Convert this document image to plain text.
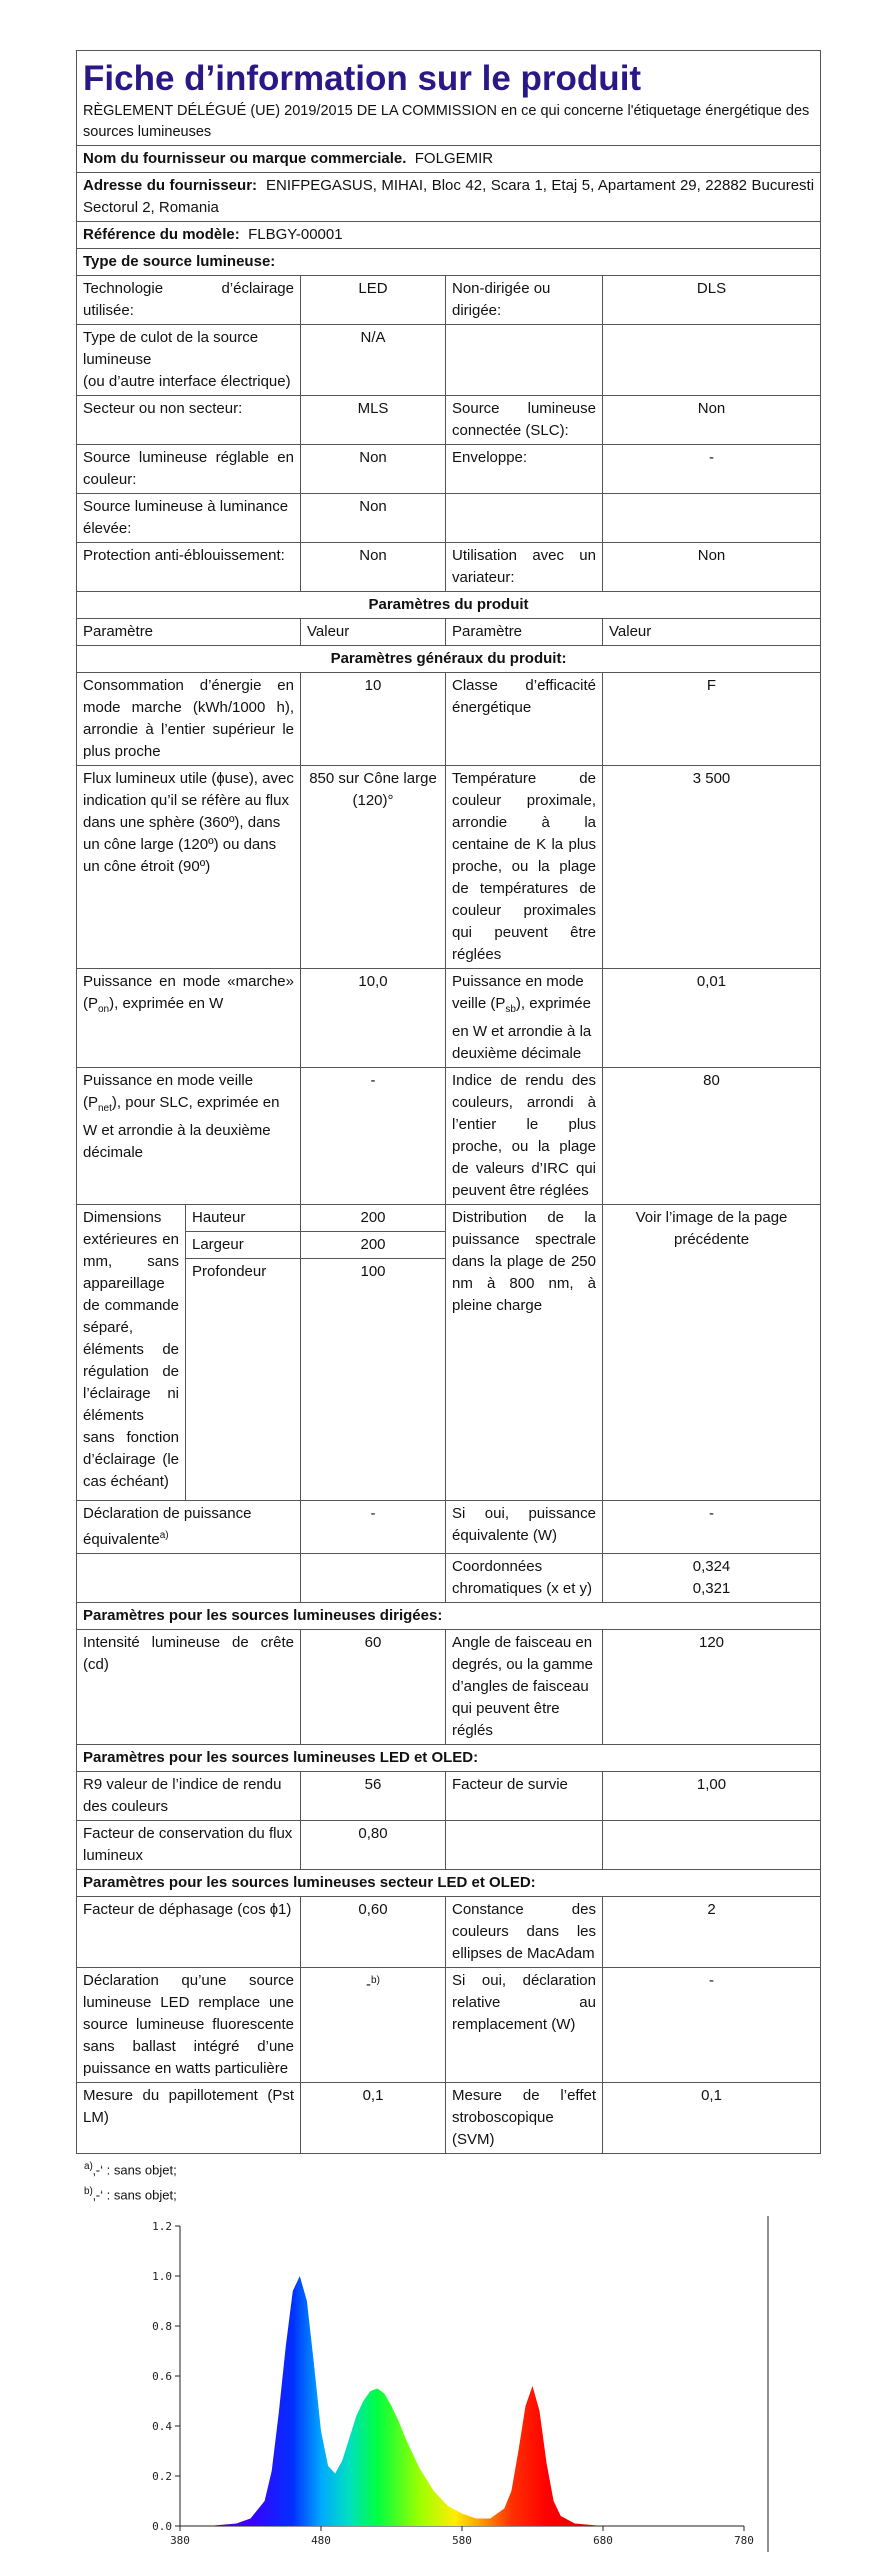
Fiche d’information sur le produit
RÈGLEMENT DÉLÉGUÉ (UE) 2019/2015 DE LA COMMISSION en ce qui concerne l'étiquetage énergétique des sources lumineuses				

Nom du fournisseur ou marque commerciale. FOLGEMIR				
Adresse du fournisseur: ENIFPEGASUS, MIHAI, Bloc 42, Scara 1, Etaj 5, Apartament 29, 22882 Bucuresti Sectorul 2, Romania				
Référence du modèle: FLBGY-00001				
Type de source lumineuse:				
Technologie d’éclairage utilisée:		LED	Non-dirigée ou dirigée:	DLS
Type de culot de la source lumineuse
(ou d’autre interface électrique)		N/A		
Secteur ou non secteur:		MLS	Source lumineuse connectée (SLC):	Non
Source lumineuse réglable en couleur:		Non	Enveloppe:	-
Source lumineuse à luminance élevée:		Non		
Protection anti-éblouissement:		Non	Utilisation avec un variateur:	Non
Paramètres du produit				
Paramètre		Valeur	Paramètre	Valeur
Paramètres généraux du produit:				
Consommation d’énergie en mode marche (kWh/1000 h), arrondie à l’entier supérieur le plus proche		10	Classe d’efficacité énergétique	F
Flux lumineux utile (ɸuse), avec indication qu’il se réfère au flux dans une sphère (360º), dans un cône large (120º) ou dans un cône étroit (90º)		850 sur Cône large (120)°	Température de couleur proximale, arrondie à la centaine de K la plus proche, ou la plage de températures de couleur proximales qui peuvent être réglées	3 500
Puissance en mode «marche» $(P_{on})$, exprimée en W		10,0	Puissance en mode veille $(P_{sb})$, exprimée en W et arrondie à la deuxième décimale	0,01
Puissance en mode veille $(P_{net})$, pour SLC, exprimée en W et arrondie à la deuxième décimale		-	Indice de rendu des couleurs, arrondi à l’entier le plus proche, ou la plage de valeurs d’IRC qui peuvent être réglées	80
Dimensions extérieures en mm, sans appareillage de commande séparé, éléments de régulation de l’éclairage ni éléments sans fonction d’éclairage (le cas échéant)	Hauteur	200	Distribution de la puissance spectrale dans la plage de 250 nm à 800 nm, à pleine charge	Voir l’image de la page précédente
	Largeur	200		
	Profondeur	100		

Déclaration de puissance équivalente$^{a)}$		-	Si oui, puissance équivalente (W)	-
			Coordonnées chromatiques (x et y)	0,324
0,321

Paramètres pour les sources lumineuses dirigées:				
Intensité lumineuse de crête (cd)		60	Angle de faisceau en degrés, ou la gamme d’angles de faisceau qui peuvent être réglés	120
Paramètres pour les sources lumineuses LED et OLED:				
R9 valeur de l’indice de rendu des couleurs		56	Facteur de survie	1,00
Facteur de conservation du flux lumineux		0,80		
Paramètres pour les sources lumineuses secteur LED et OLED:				
Facteur de déphasage (cos ɸ1)		0,60	Constance des couleurs dans les ellipses de MacAdam	2
Déclaration qu’une source lumineuse LED remplace une source lumineuse fluorescente sans ballast intégré d’une puissance en watts particulière		-$^{b)}$	Si oui, déclaration relative au remplacement (W)	-
Mesure du papillotement (Pst LM)		0,1	Mesure de l’effet stroboscopique (SVM)	0,1
$^{a)}$‚-‘ : sans objet;
$^{b)}$‚-‘ : sans objet;
0.0
0.2
0.4
0.6
0.8
1.0
1.2
380	480	580	680	780
